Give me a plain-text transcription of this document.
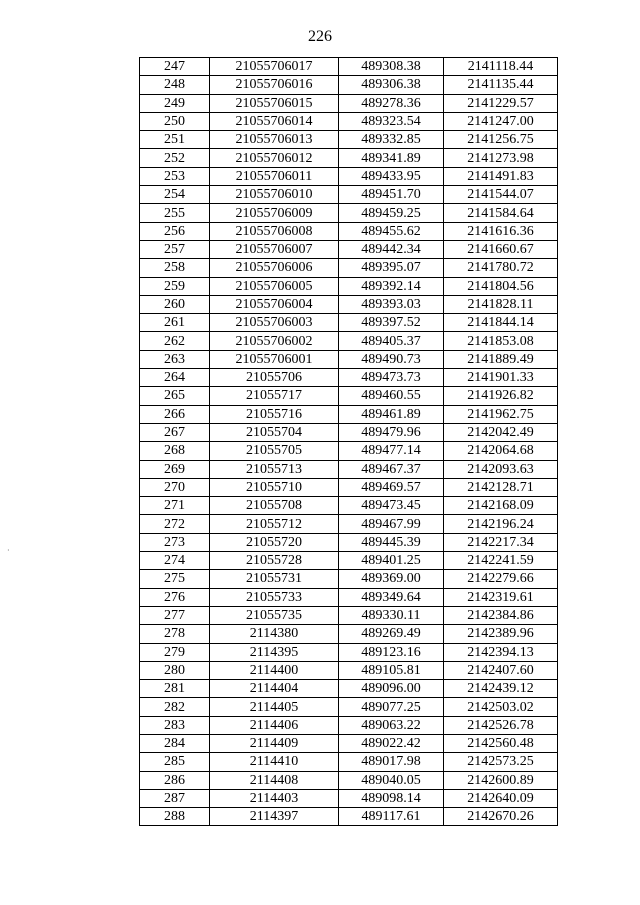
226
·
247	21055706017	489308.38	2141118.44
248	21055706016	489306.38	2141135.44
249	21055706015	489278.36	2141229.57
250	21055706014	489323.54	2141247.00
251	21055706013	489332.85	2141256.75
252	21055706012	489341.89	2141273.98
253	21055706011	489433.95	2141491.83
254	21055706010	489451.70	2141544.07
255	21055706009	489459.25	2141584.64
256	21055706008	489455.62	2141616.36
257	21055706007	489442.34	2141660.67
258	21055706006	489395.07	2141780.72
259	21055706005	489392.14	2141804.56
260	21055706004	489393.03	2141828.11
261	21055706003	489397.52	2141844.14
262	21055706002	489405.37	2141853.08
263	21055706001	489490.73	2141889.49
264	21055706	489473.73	2141901.33
265	21055717	489460.55	2141926.82
266	21055716	489461.89	2141962.75
267	21055704	489479.96	2142042.49
268	21055705	489477.14	2142064.68
269	21055713	489467.37	2142093.63
270	21055710	489469.57	2142128.71
271	21055708	489473.45	2142168.09
272	21055712	489467.99	2142196.24
273	21055720	489445.39	2142217.34
274	21055728	489401.25	2142241.59
275	21055731	489369.00	2142279.66
276	21055733	489349.64	2142319.61
277	21055735	489330.11	2142384.86
278	2114380	489269.49	2142389.96
279	2114395	489123.16	2142394.13
280	2114400	489105.81	2142407.60
281	2114404	489096.00	2142439.12
282	2114405	489077.25	2142503.02
283	2114406	489063.22	2142526.78
284	2114409	489022.42	2142560.48
285	2114410	489017.98	2142573.25
286	2114408	489040.05	2142600.89
287	2114403	489098.14	2142640.09
288	2114397	489117.61	2142670.26
